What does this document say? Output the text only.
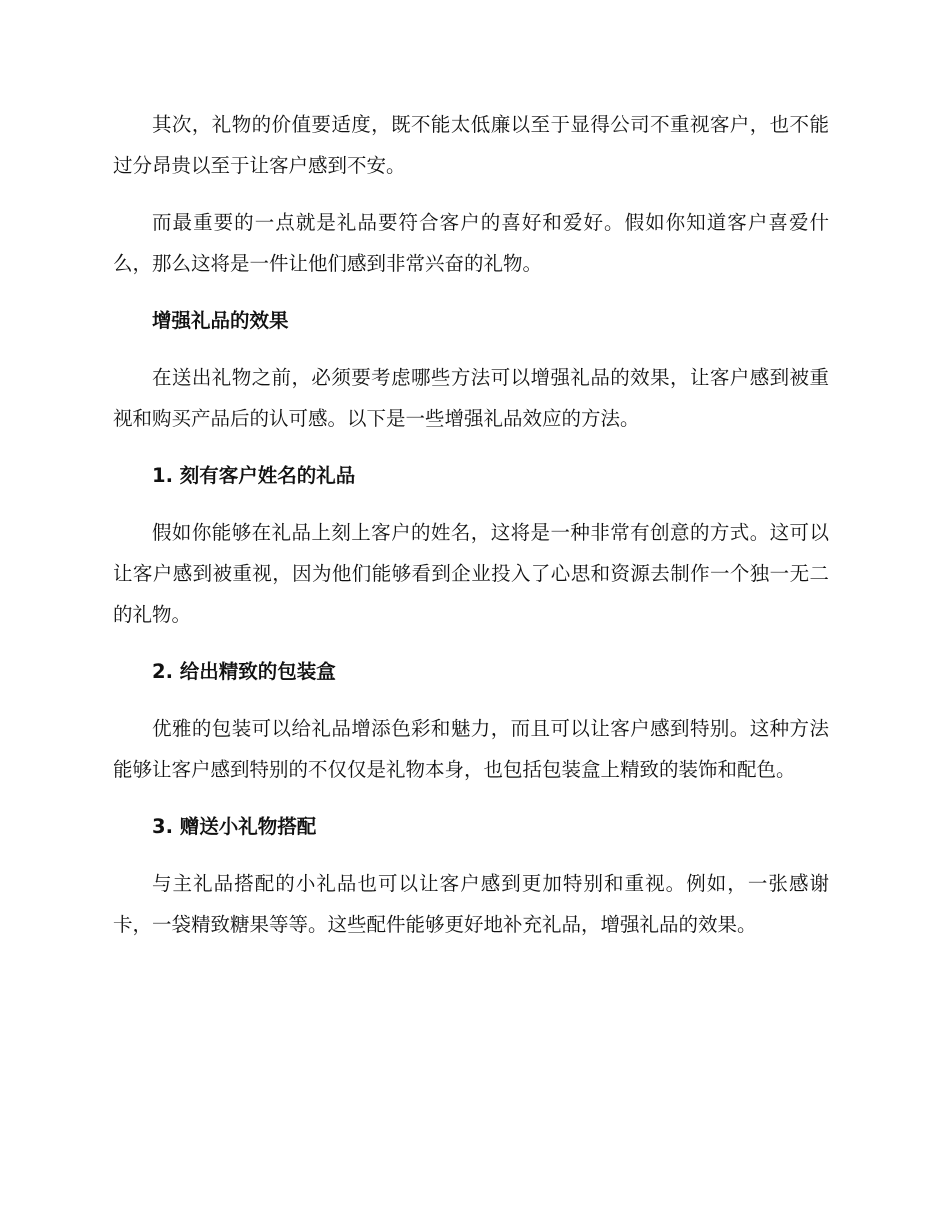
其次，礼物的价值要适度，既不能太低廉以至于显得公司不重视客户，也不能过分昂贵以至于让客户感到不安。

而最重要的一点就是礼品要符合客户的喜好和爱好。假如你知道客户喜爱什么，那么这将是一件让他们感到非常兴奋的礼物。

增强礼品的效果

在送出礼物之前，必须要考虑哪些方法可以增强礼品的效果，让客户感到被重视和购买产品后的认可感。以下是一些增强礼品效应的方法。

1. 刻有客户姓名的礼品

假如你能够在礼品上刻上客户的姓名，这将是一种非常有创意的方式。这可以让客户感到被重视，因为他们能够看到企业投入了心思和资源去制作一个独一无二的礼物。

2. 给出精致的包装盒

优雅的包装可以给礼品增添色彩和魅力，而且可以让客户感到特别。这种方法能够让客户感到特别的不仅仅是礼物本身，也包括包装盒上精致的装饰和配色。

3. 赠送小礼物搭配

与主礼品搭配的小礼品也可以让客户感到更加特别和重视。例如，一张感谢卡，一袋精致糖果等等。这些配件能够更好地补充礼品，增强礼品的效果。
